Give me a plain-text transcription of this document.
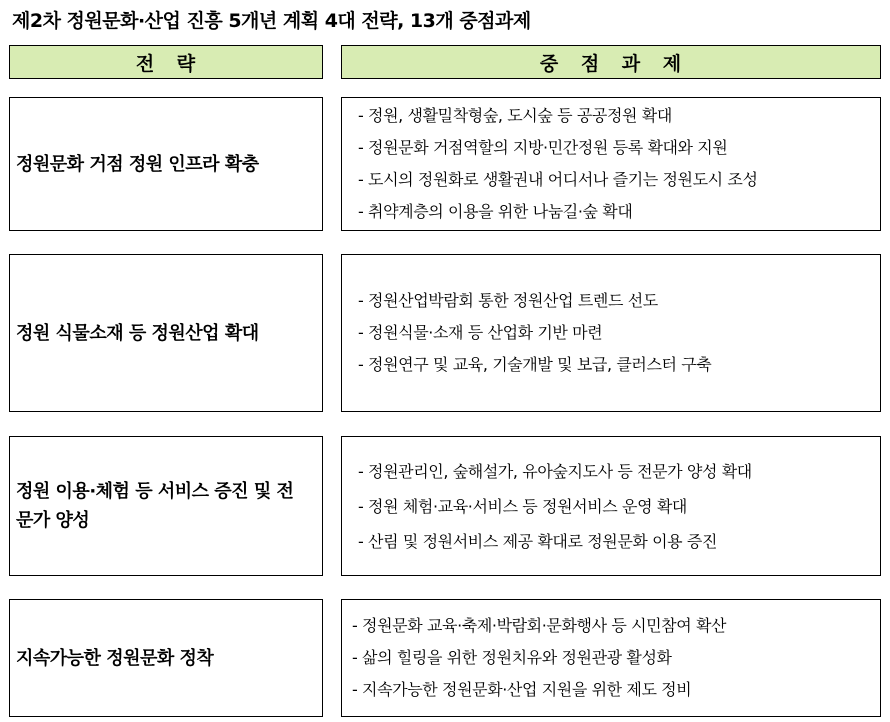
제2차 정원문화·산업 진흥 5개년 계획 4대 전략, 13개 중점과제
전 략	중 점 과 제
정원문화 거점 정원 인프라 확충
- 정원, 생활밀착형숲, 도시숲 등 공공정원 확대
- 정원문화 거점역할의 지방·민간정원 등록 확대와 지원
- 도시의 정원화로 생활권내 어디서나 즐기는 정원도시 조성
- 취약계층의 이용을 위한 나눔길·숲 확대
정원 식물소재 등 정원산업 확대
- 정원산업박람회 통한 정원산업 트렌드 선도
- 정원식물·소재 등 산업화 기반 마련
- 정원연구 및 교육, 기술개발 및 보급, 클러스터 구축
정원 이용·체험 등 서비스 증진 및 전문가 양성
- 정원관리인, 숲해설가, 유아숲지도사 등 전문가 양성 확대
- 정원 체험·교육·서비스 등 정원서비스 운영 확대
- 산림 및 정원서비스 제공 확대로 정원문화 이용 증진
지속가능한 정원문화 정착
- 정원문화 교육·축제·박람회·문화행사 등 시민참여 확산
- 삶의 힐링을 위한 정원치유와 정원관광 활성화
- 지속가능한 정원문화·산업 지원을 위한 제도 정비
